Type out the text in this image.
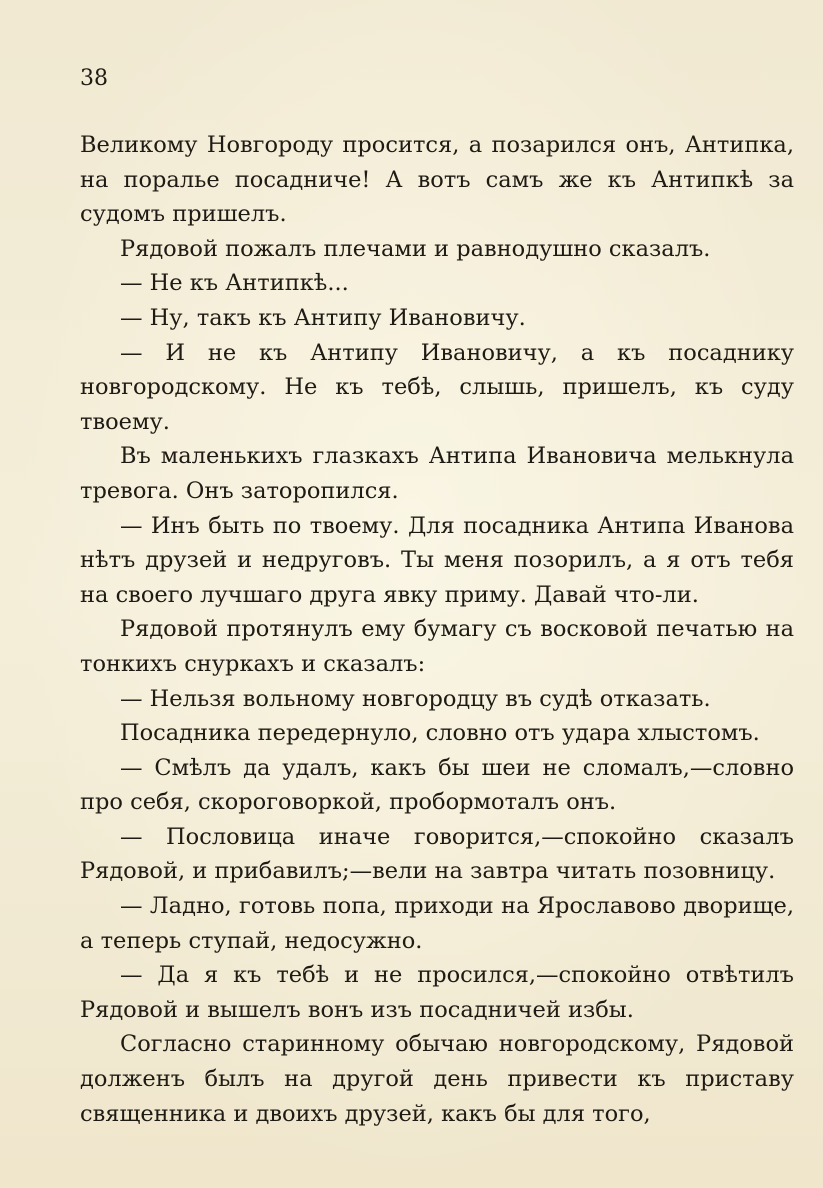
38

Великому Новгороду просится, а позарился онъ, Антипка, на поралье посадниче! А вотъ самъ же къ Антипкѣ за судомъ пришелъ.

Рядовой пожалъ плечами и равнодушно сказалъ.

— Не къ Антипкѣ...

— Ну, такъ къ Антипу Ивановичу.

— И не къ Антипу Ивановичу, а къ посаднику новгородскому. Не къ тебѣ, слышь, пришелъ, къ суду твоему.

Въ маленькихъ глазкахъ Антипа Ивановича мелькнула тревога. Онъ заторопился.

— Инъ быть по твоему. Для посадника Антипа Иванова нѣтъ друзей и недруговъ. Ты меня позорилъ, а я отъ тебя на своего лучшаго друга явку приму. Давай что-ли.

Рядовой протянулъ ему бумагу съ восковой печатью на тонкихъ снуркахъ и сказалъ:

— Нельзя вольному новгородцу въ судѣ отказать.

Посадника передернуло, словно отъ удара хлыстомъ.

— Смѣлъ да удалъ, какъ бы шеи не сломалъ,—словно про себя, скороговоркой, пробормоталъ онъ.

— Пословица иначе говорится,—спокойно сказалъ Рядовой, и прибавилъ;—вели на завтра читать позовницу.

— Ладно, готовь попа, приходи на Ярославово дворище, а теперь ступай, недосужно.

— Да я къ тебѣ и не просился,—спокойно отвѣтилъ Рядовой и вышелъ вонъ изъ посадничей избы.

Согласно старинному обычаю новгородскому, Рядовой долженъ былъ на другой день привести къ приставу священника и двоихъ друзей, какъ бы для того,
